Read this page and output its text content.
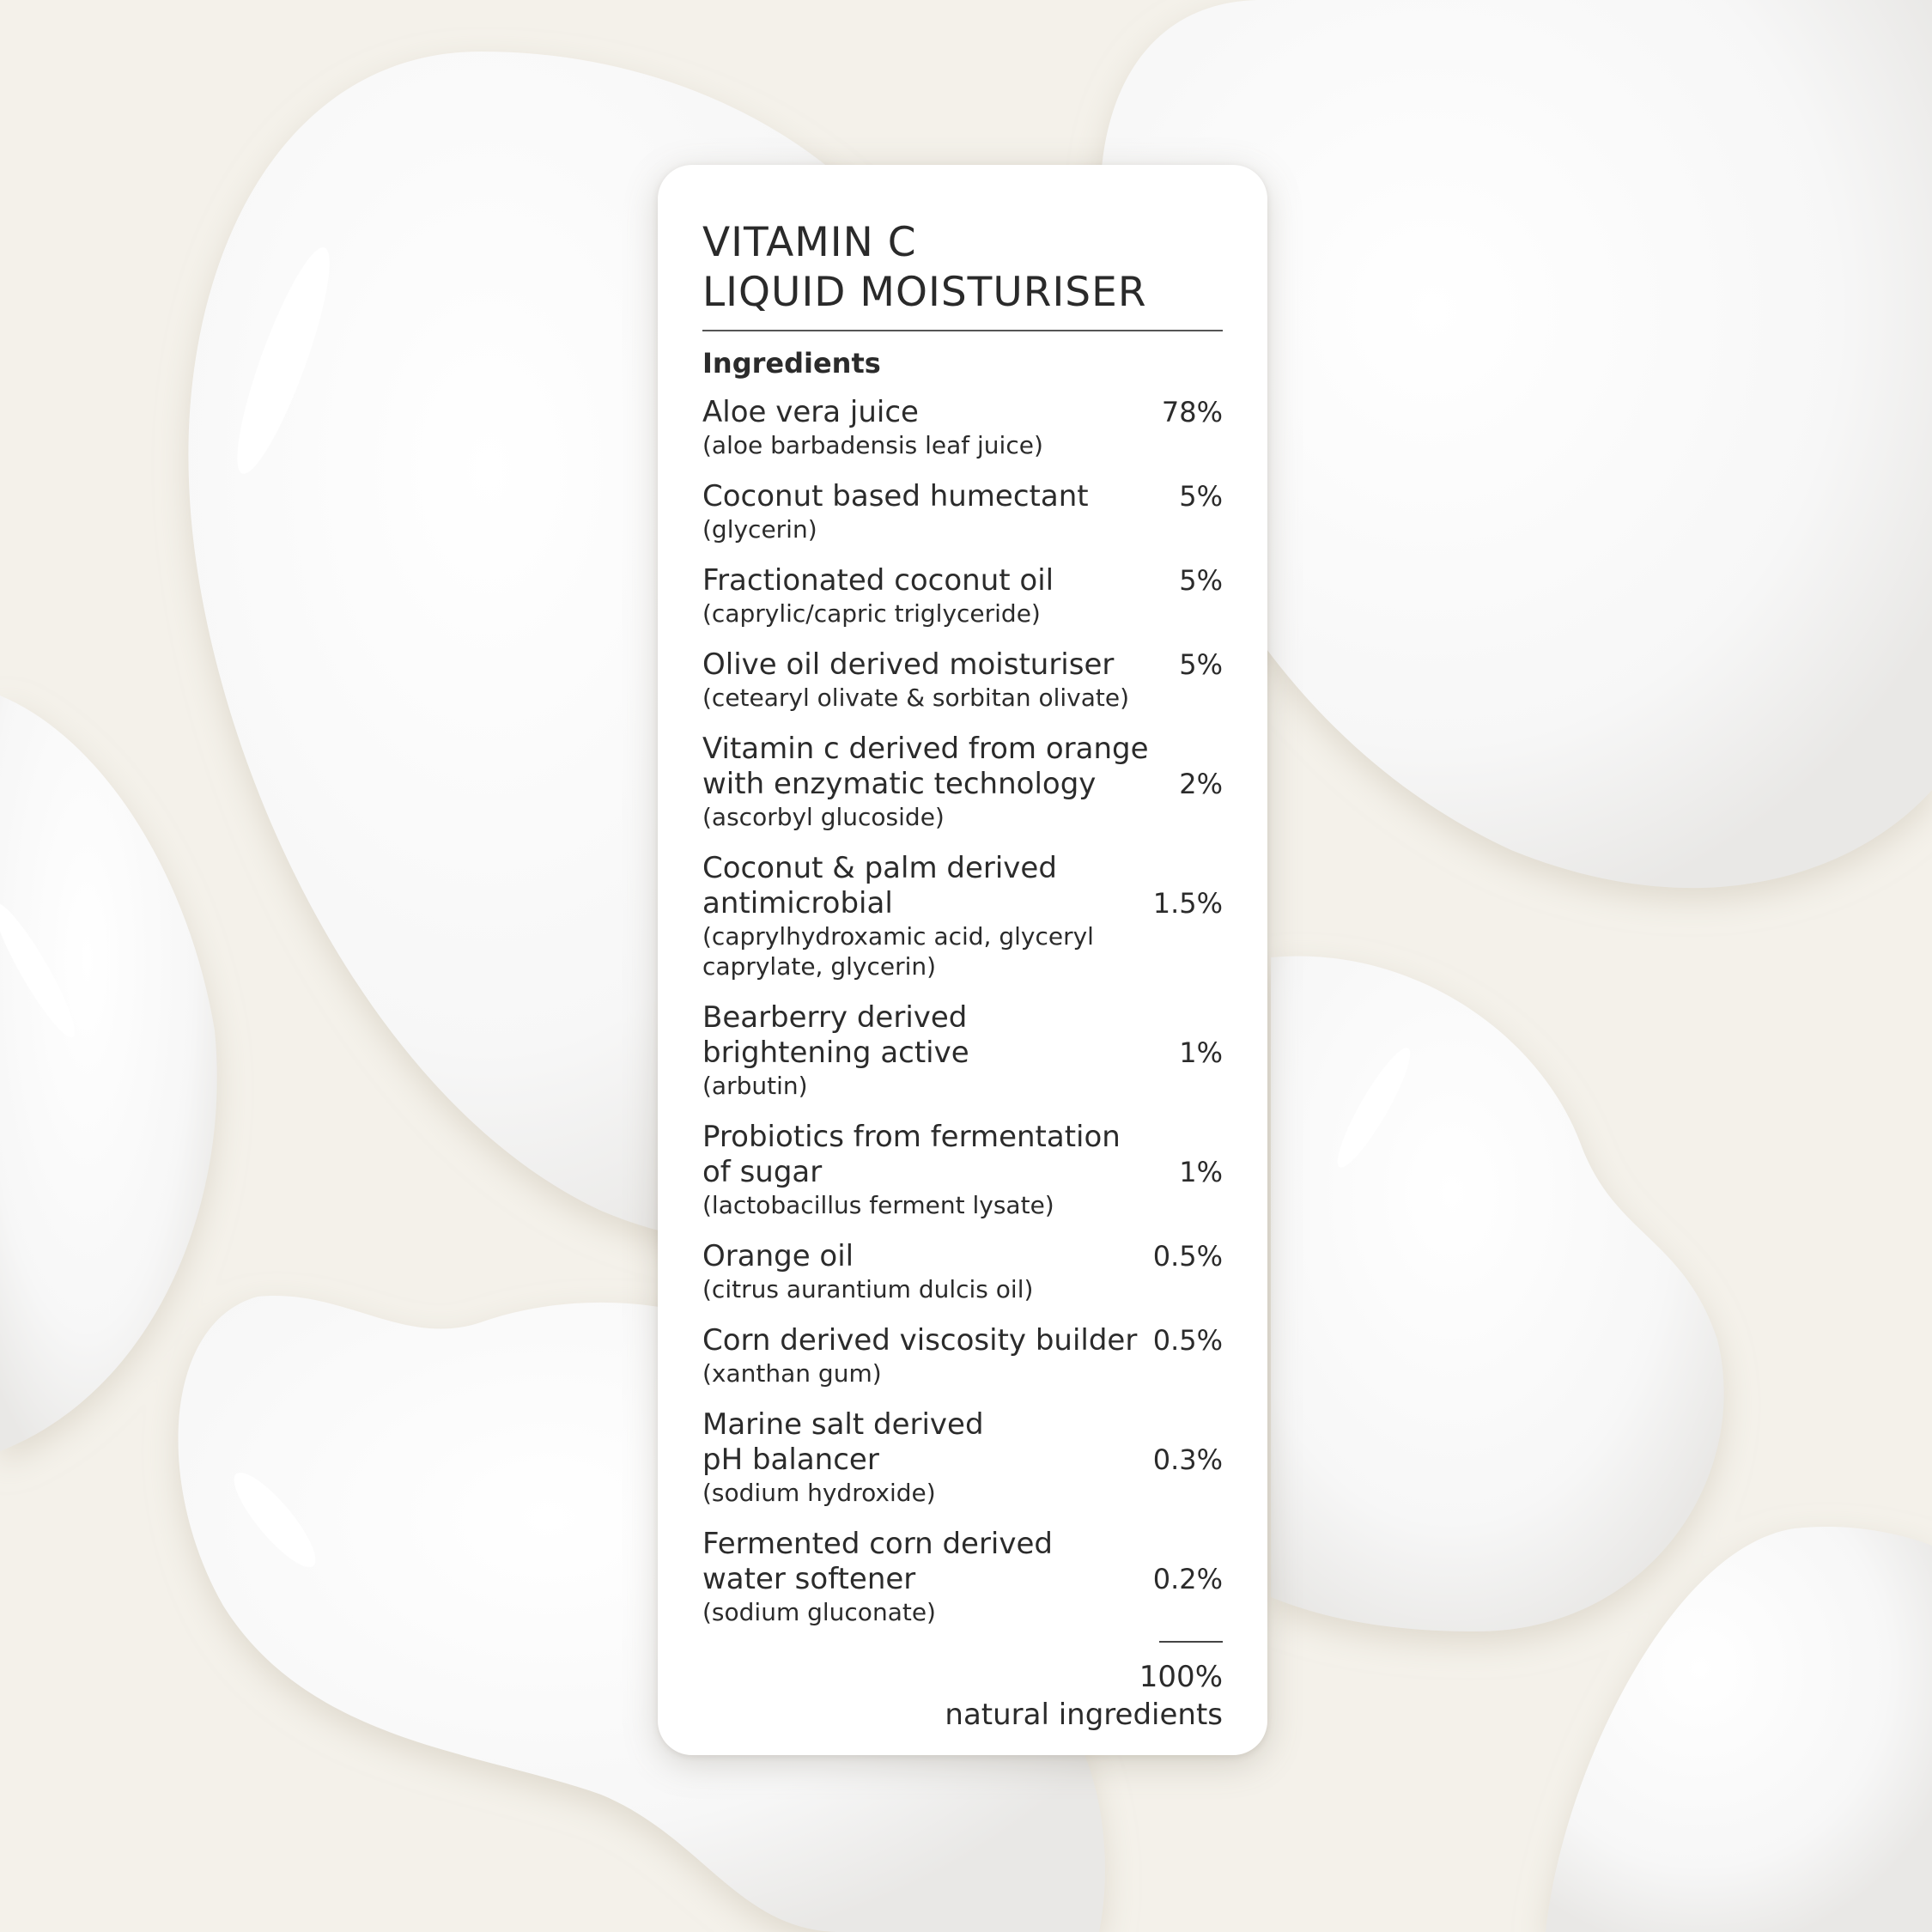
VITAMIN C
LIQUID MOISTURISER
Ingredients
Aloe vera juice
(aloe barbadensis leaf juice)
78%
Coconut based humectant
(glycerin)
5%
Fractionated coconut oil
(caprylic/capric triglyceride)
5%
Olive oil derived moisturiser
(cetearyl olivate & sorbitan olivate)
5%
Vitamin c derived from orange
with enzymatic technology
(ascorbyl glucoside)
2%
Coconut & palm derived
antimicrobial
(caprylhydroxamic acid, glyceryl
caprylate, glycerin)
1.5%
Bearberry derived
brightening active
(arbutin)
1%
Probiotics from fermentation
of sugar
(lactobacillus ferment lysate)
1%
Orange oil
(citrus aurantium dulcis oil)
0.5%
Corn derived viscosity builder
(xanthan gum)
0.5%
Marine salt derived
pH balancer
(sodium hydroxide)
0.3%
Fermented corn derived
water softener
(sodium gluconate)
0.2%
100%
natural ingredients
